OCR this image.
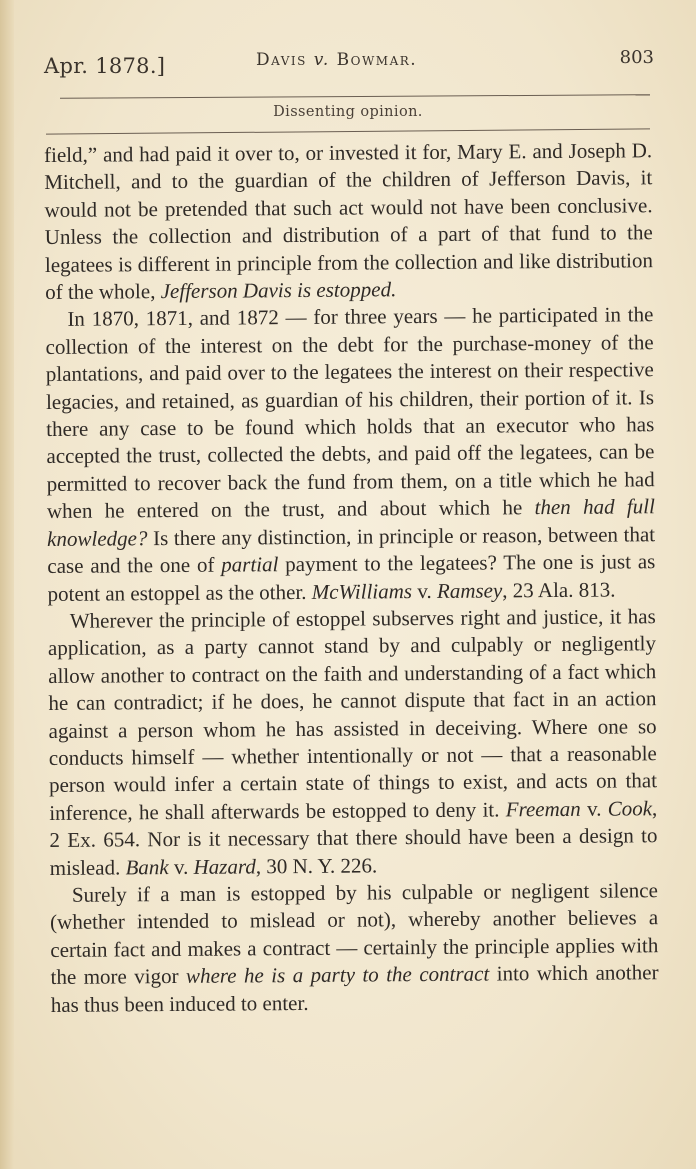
Apr. 1878.]	Davis v. Bowmar.	803
Dissenting opinion.

field,” and had paid it over to, or invested it for, Mary E. and Joseph D. Mitchell, and to the guardian of the children of Jefferson Davis, it would not be pretended that such act would not have been conclusive. Unless the collection and distribution of a part of that fund to the legatees is different in principle from the collection and like distribution of the whole, Jefferson Davis is estopped.

In 1870, 1871, and 1872 — for three years — he participated in the collection of the interest on the debt for the purchase-money of the plantations, and paid over to the legatees the interest on their respective legacies, and retained, as guardian of his children, their portion of it. Is there any case to be found which holds that an executor who has accepted the trust, collected the debts, and paid off the legatees, can be permitted to recover back the fund from them, on a title which he had when he entered on the trust, and about which he then had full knowledge? Is there any distinction, in principle or reason, between that case and the one of partial payment to the legatees? The one is just as potent an estoppel as the other. McWilliams v. Ramsey, 23 Ala. 813.

Wherever the principle of estoppel subserves right and justice, it has application, as a party cannot stand by and culpably or negligently allow another to contract on the faith and understanding of a fact which he can contradict; if he does, he cannot dispute that fact in an action against a person whom he has assisted in deceiving. Where one so conducts himself — whether intentionally or not — that a reasonable person would infer a certain state of things to exist, and acts on that inference, he shall afterwards be estopped to deny it. Freeman v. Cook, 2 Ex. 654. Nor is it necessary that there should have been a design to mislead. Bank v. Hazard, 30 N. Y. 226.

Surely if a man is estopped by his culpable or negligent silence (whether intended to mislead or not), whereby another believes a certain fact and makes a contract — certainly the principle applies with the more vigor where he is a party to the contract into which another has thus been induced to enter.
